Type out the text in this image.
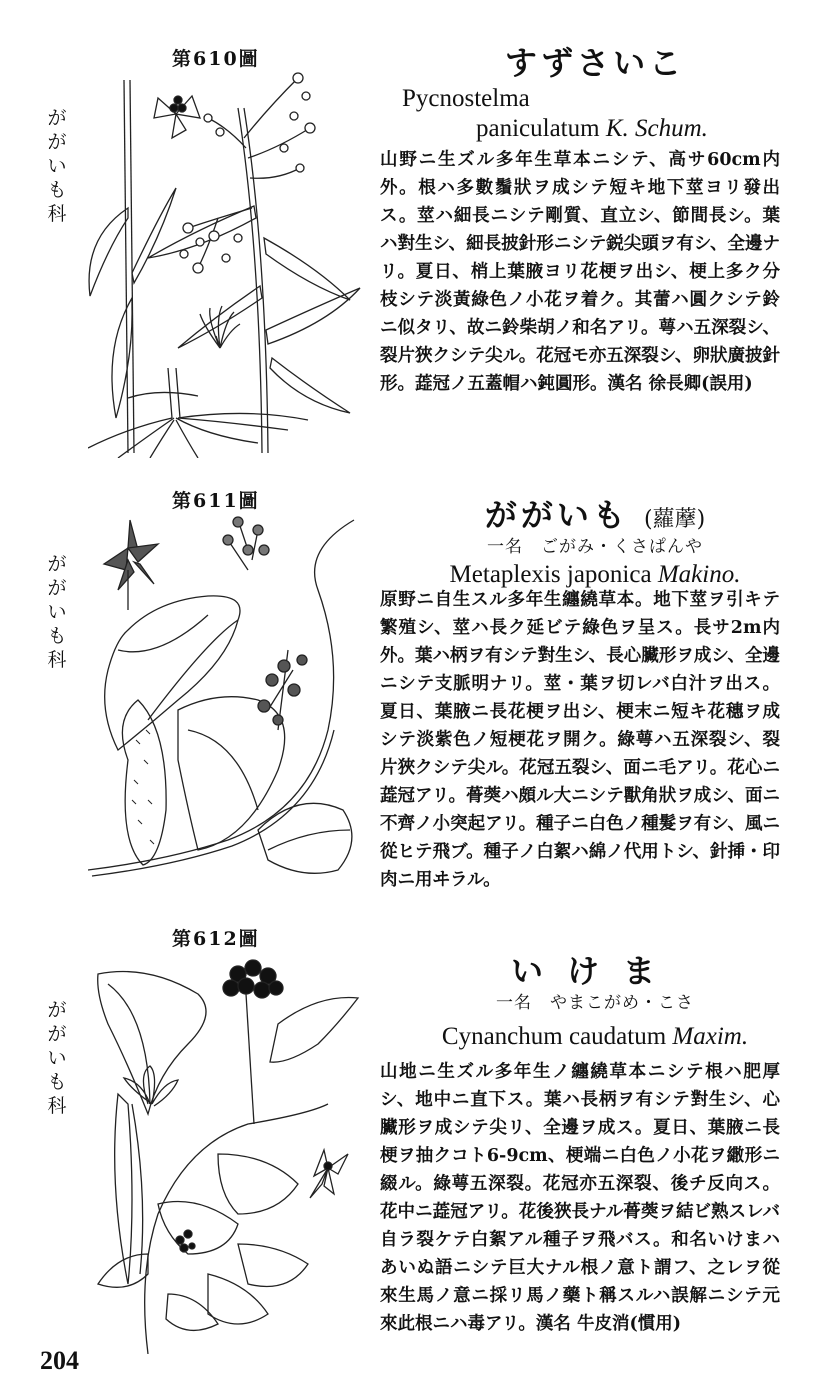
第610圖
ががいも科
すずさいこ
Pycnostelma
paniculatum K. Schum.
山野ニ生ズル多年生草本ニシテ、高サ60cm内外。根ハ多數鬚狀ヲ成シテ短キ地下莖ヨリ發出ス。莖ハ細長ニシテ剛質、直立シ、節間長シ。葉ハ對生シ、細長披針形ニシテ鋭尖頭ヲ有シ、全邊ナリ。夏日、梢上葉腋ヨリ花梗ヲ出シ、梗上多ク分枝シテ淡黃綠色ノ小花ヲ着ク。其蕾ハ圓クシテ鈴ニ似タリ、故ニ鈴柴胡ノ和名アリ。萼ハ五深裂シ、裂片狹クシテ尖ル。花冠モ亦五深裂シ、卵狀廣披針形。蕋冠ノ五蓋帽ハ鈍圓形。漢名 徐長卿(誤用)
第611圖
ががいも科
ががいも (蘿藦)
一名　ごがみ・くさぱんや
Metaplexis japonica Makino.
原野ニ自生スル多年生纏繞草本。地下莖ヲ引キテ繁殖シ、莖ハ長ク延ビテ綠色ヲ呈ス。長サ2m内外。葉ハ柄ヲ有シテ對生シ、長心臟形ヲ成シ、全邊ニシテ支脈明ナリ。莖・葉ヲ切レバ白汁ヲ出ス。夏日、葉腋ニ長花梗ヲ出シ、梗末ニ短キ花穗ヲ成シテ淡紫色ノ短梗花ヲ開ク。綠萼ハ五深裂シ、裂片狹クシテ尖ル。花冠五裂シ、面ニ毛アリ。花心ニ蕋冠アリ。蓇葖ハ頗ル大ニシテ獸角狀ヲ成シ、面ニ不齊ノ小突起アリ。種子ニ白色ノ種髮ヲ有シ、風ニ從ヒテ飛ブ。種子ノ白絮ハ綿ノ代用トシ、針揷・印肉ニ用ヰラル。
第612圖
ががいも科
いけま
一名　やまこがめ・こさ
Cynanchum caudatum Maxim.
山地ニ生ズル多年生ノ纏繞草本ニシテ根ハ肥厚シ、地中ニ直下ス。葉ハ長柄ヲ有シテ對生シ、心臟形ヲ成シテ尖リ、全邊ヲ成ス。夏日、葉腋ニ長梗ヲ抽クコト6-9cm、梗端ニ白色ノ小花ヲ繖形ニ綴ル。綠萼五深裂。花冠亦五深裂、後チ反向ス。花中ニ蕋冠アリ。花後狹長ナル蓇葖ヲ結ビ熟スレバ自ラ裂ケテ白絮アル種子ヲ飛バス。和名いけまハあいぬ語ニシテ巨大ナル根ノ意ト謂フ、之レヲ從來生馬ノ意ニ採リ馬ノ藥ト稱スルハ誤解ニシテ元來此根ニハ毒アリ。漢名 牛皮消(慣用)
204
